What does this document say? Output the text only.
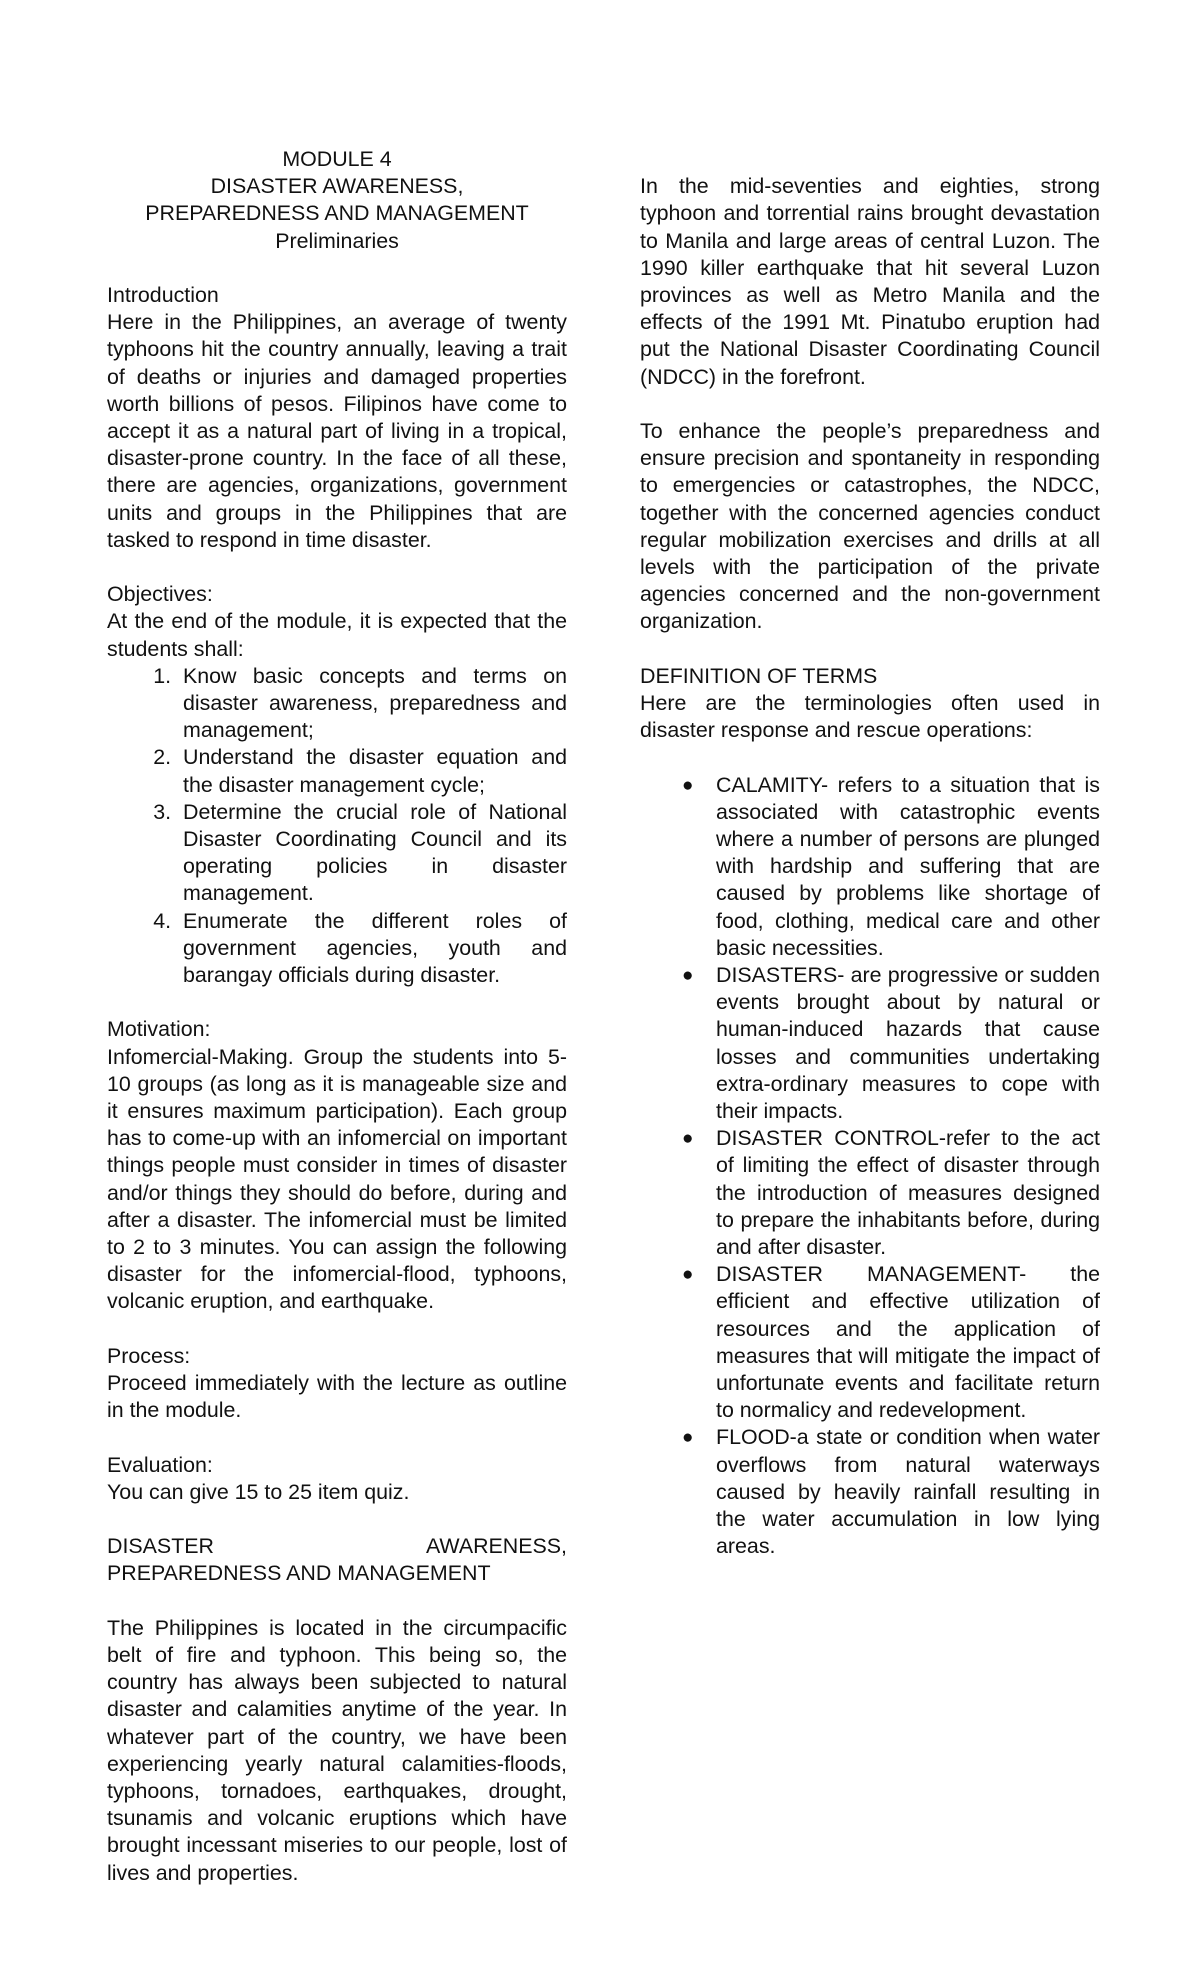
MODULE 4

DISASTER AWARENESS,

PREPAREDNESS AND MANAGEMENT

Preliminaries

Introduction

Here in the Philippines, an average of twenty typhoons hit the country annually, leaving a trait of deaths or injuries and damaged properties worth billions of pesos. Filipinos have come to accept it as a natural part of living in a tropical, disaster-prone country. In the face of all these, there are agencies, organizations, government units and groups in the Philippines that are tasked to respond in time disaster.

Objectives:

At the end of the module, it is expected that the students shall:

1. Know basic concepts and terms on disaster awareness, preparedness and management;
2. Understand the disaster equation and the disaster management cycle;
3. Determine the crucial role of National Disaster Coordinating Council and its operating policies in disaster management.
4. Enumerate the different roles of government agencies, youth and barangay officials during disaster.

Motivation:

Infomercial-Making. Group the students into 5-10 groups (as long as it is manageable size and it ensures maximum participation). Each group has to come-up with an infomercial on important things people must consider in times of disaster and/or things they should do before, during and after a disaster. The infomercial must be limited to 2 to 3 minutes. You can assign the following disaster for the infomercial-flood, typhoons, volcanic eruption, and earthquake.

Process:

Proceed immediately with the lecture as outline in the module.

Evaluation:

You can give 15 to 25 item quiz.

DISASTER AWARENESS,

PREPAREDNESS AND MANAGEMENT

The Philippines is located in the circumpacific belt of fire and typhoon. This being so, the country has always been subjected to natural disaster and calamities anytime of the year. In whatever part of the country, we have been experiencing yearly natural calamities-floods, typhoons, tornadoes, earthquakes, drought, tsunamis and volcanic eruptions which have brought incessant miseries to our people, lost of lives and properties.

In the mid-seventies and eighties, strong typhoon and torrential rains brought devastation to Manila and large areas of central Luzon. The 1990 killer earthquake that hit several Luzon provinces as well as Metro Manila and the effects of the 1991 Mt. Pinatubo eruption had put the National Disaster Coordinating Council (NDCC) in the forefront.

To enhance the people’s preparedness and ensure precision and spontaneity in responding to emergencies or catastrophes, the NDCC, together with the concerned agencies conduct regular mobilization exercises and drills at all levels with the participation of the private agencies concerned and the non-government organization.

DEFINITION OF TERMS

Here are the terminologies often used in disaster response and rescue operations:

● CALAMITY- refers to a situation that is associated with catastrophic events where a number of persons are plunged with hardship and suffering that are caused by problems like shortage of food, clothing, medical care and other basic necessities.
● DISASTERS- are progressive or sudden events brought about by natural or human-induced hazards that cause losses and communities undertaking extra-ordinary measures to cope with their impacts.
● DISASTER CONTROL-refer to the act of limiting the effect of disaster through the introduction of measures designed to prepare the inhabitants before, during and after disaster.
● DISASTER MANAGEMENT- the efficient and effective utilization of resources and the application of measures that will mitigate the impact of unfortunate events and facilitate return to normalicy and redevelopment.
● FLOOD-a state or condition when water overflows from natural waterways caused by heavily rainfall resulting in the water accumulation in low lying areas.
